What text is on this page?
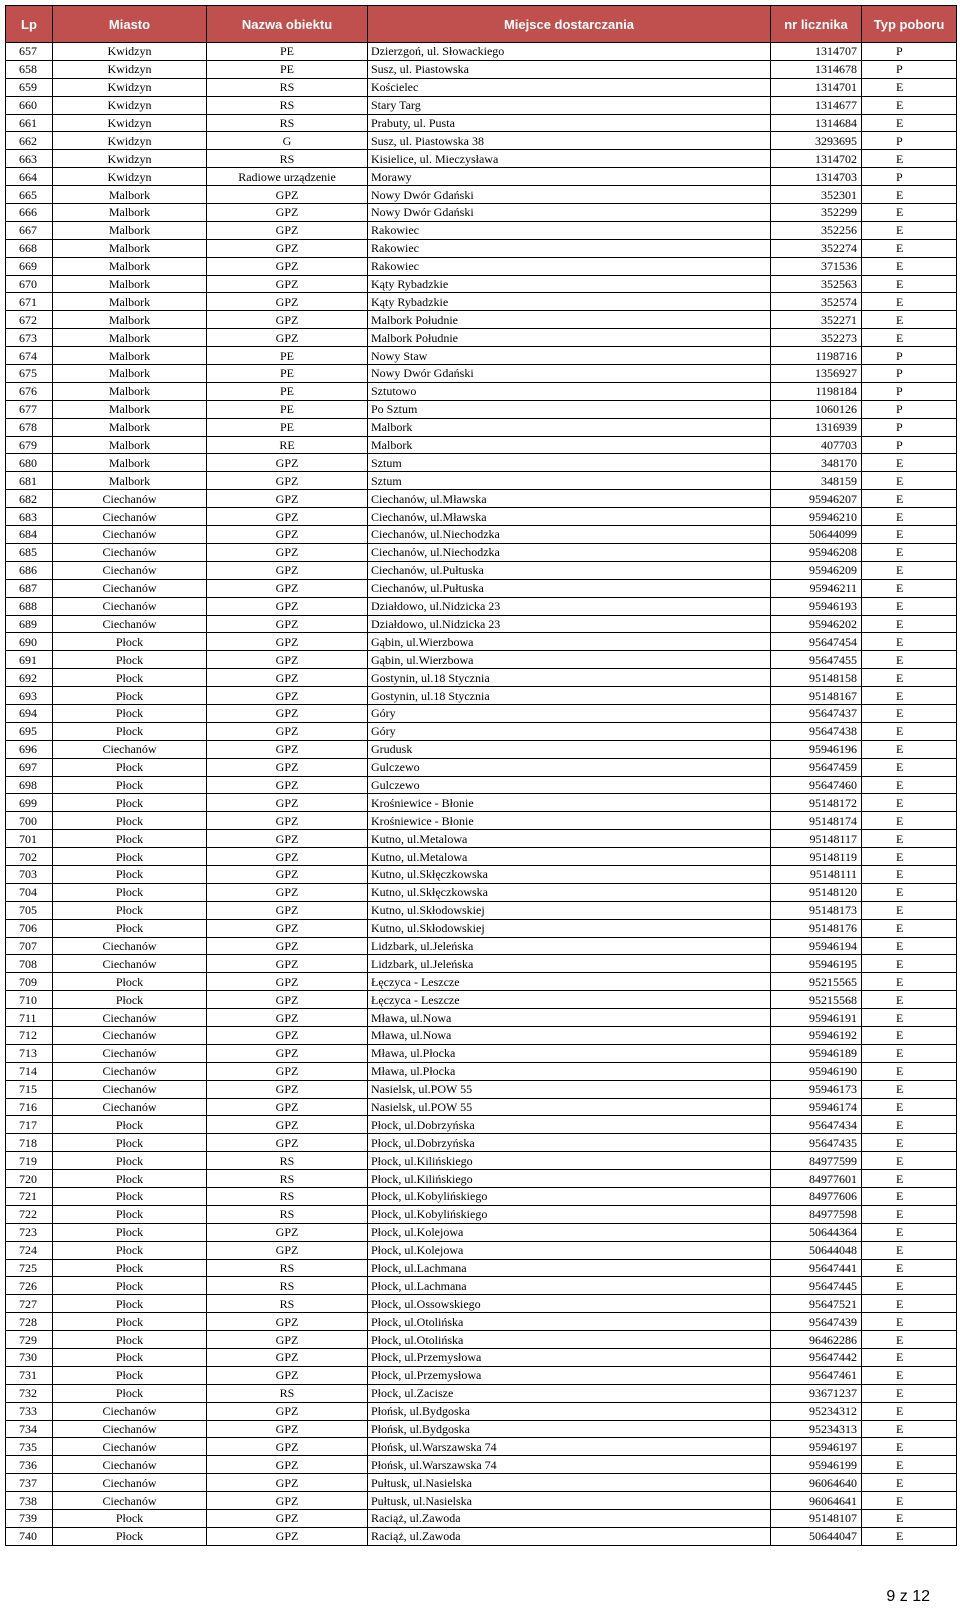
Lp	Miasto	Nazwa obiektu	Miejsce dostarczania	nr licznika	Typ poboru
657	Kwidzyn	PE	Dzierzgoń, ul. Słowackiego	1314707	P
658	Kwidzyn	PE	Susz, ul. Piastowska	1314678	P
659	Kwidzyn	RS	Kościelec	1314701	E
660	Kwidzyn	RS	Stary Targ	1314677	E
661	Kwidzyn	RS	Prabuty, ul. Pusta	1314684	E
662	Kwidzyn	G	Susz, ul. Piastowska 38	3293695	P
663	Kwidzyn	RS	Kisielice, ul. Mieczysława	1314702	E
664	Kwidzyn	Radiowe urządzenie	Morawy	1314703	P
665	Malbork	GPZ	Nowy Dwór Gdański	352301	E
666	Malbork	GPZ	Nowy Dwór Gdański	352299	E
667	Malbork	GPZ	Rakowiec	352256	E
668	Malbork	GPZ	Rakowiec	352274	E
669	Malbork	GPZ	Rakowiec	371536	E
670	Malbork	GPZ	Kąty Rybadzkie	352563	E
671	Malbork	GPZ	Kąty Rybadzkie	352574	E
672	Malbork	GPZ	Malbork Południe	352271	E
673	Malbork	GPZ	Malbork Południe	352273	E
674	Malbork	PE	Nowy Staw	1198716	P
675	Malbork	PE	Nowy Dwór Gdański	1356927	P
676	Malbork	PE	Sztutowo	1198184	P
677	Malbork	PE	Po Sztum	1060126	P
678	Malbork	PE	Malbork	1316939	P
679	Malbork	RE	Malbork	407703	P
680	Malbork	GPZ	Sztum	348170	E
681	Malbork	GPZ	Sztum	348159	E
682	Ciechanów	GPZ	Ciechanów, ul.Mławska	95946207	E
683	Ciechanów	GPZ	Ciechanów, ul.Mławska	95946210	E
684	Ciechanów	GPZ	Ciechanów, ul.Niechodzka	50644099	E
685	Ciechanów	GPZ	Ciechanów, ul.Niechodzka	95946208	E
686	Ciechanów	GPZ	Ciechanów, ul.Pułtuska	95946209	E
687	Ciechanów	GPZ	Ciechanów, ul.Pułtuska	95946211	E
688	Ciechanów	GPZ	Działdowo, ul.Nidzicka 23	95946193	E
689	Ciechanów	GPZ	Działdowo, ul.Nidzicka 23	95946202	E
690	Płock	GPZ	Gąbin, ul.Wierzbowa	95647454	E
691	Płock	GPZ	Gąbin, ul.Wierzbowa	95647455	E
692	Płock	GPZ	Gostynin, ul.18 Stycznia	95148158	E
693	Płock	GPZ	Gostynin, ul.18 Stycznia	95148167	E
694	Płock	GPZ	Góry	95647437	E
695	Płock	GPZ	Góry	95647438	E
696	Ciechanów	GPZ	Grudusk	95946196	E
697	Płock	GPZ	Gulczewo	95647459	E
698	Płock	GPZ	Gulczewo	95647460	E
699	Płock	GPZ	Krośniewice - Błonie	95148172	E
700	Płock	GPZ	Krośniewice - Błonie	95148174	E
701	Płock	GPZ	Kutno, ul.Metalowa	95148117	E
702	Płock	GPZ	Kutno, ul.Metalowa	95148119	E
703	Płock	GPZ	Kutno, ul.Skłęczkowska	95148111	E
704	Płock	GPZ	Kutno, ul.Skłęczkowska	95148120	E
705	Płock	GPZ	Kutno, ul.Skłodowskiej	95148173	E
706	Płock	GPZ	Kutno, ul.Skłodowskiej	95148176	E
707	Ciechanów	GPZ	Lidzbark, ul.Jeleńska	95946194	E
708	Ciechanów	GPZ	Lidzbark, ul.Jeleńska	95946195	E
709	Płock	GPZ	Łęczyca - Leszcze	95215565	E
710	Płock	GPZ	Łęczyca - Leszcze	95215568	E
711	Ciechanów	GPZ	Mława, ul.Nowa	95946191	E
712	Ciechanów	GPZ	Mława, ul.Nowa	95946192	E
713	Ciechanów	GPZ	Mława, ul.Płocka	95946189	E
714	Ciechanów	GPZ	Mława, ul.Płocka	95946190	E
715	Ciechanów	GPZ	Nasielsk, ul.POW 55	95946173	E
716	Ciechanów	GPZ	Nasielsk, ul.POW 55	95946174	E
717	Płock	GPZ	Płock, ul.Dobrzyńska	95647434	E
718	Płock	GPZ	Płock, ul.Dobrzyńska	95647435	E
719	Płock	RS	Płock, ul.Kilińskiego	84977599	E
720	Płock	RS	Płock, ul.Kilińskiego	84977601	E
721	Płock	RS	Płock, ul.Kobylińskiego	84977606	E
722	Płock	RS	Płock, ul.Kobylińskiego	84977598	E
723	Płock	GPZ	Płock, ul.Kolejowa	50644364	E
724	Płock	GPZ	Płock, ul.Kolejowa	50644048	E
725	Płock	RS	Płock, ul.Lachmana	95647441	E
726	Płock	RS	Płock, ul.Lachmana	95647445	E
727	Płock	RS	Płock, ul.Ossowskiego	95647521	E
728	Płock	GPZ	Płock, ul.Otolińska	95647439	E
729	Płock	GPZ	Płock, ul.Otolińska	96462286	E
730	Płock	GPZ	Płock, ul.Przemysłowa	95647442	E
731	Płock	GPZ	Płock, ul.Przemysłowa	95647461	E
732	Płock	RS	Płock, ul.Zacisze	93671237	E
733	Ciechanów	GPZ	Płońsk, ul.Bydgoska	95234312	E
734	Ciechanów	GPZ	Płońsk, ul.Bydgoska	95234313	E
735	Ciechanów	GPZ	Płońsk, ul.Warszawska 74	95946197	E
736	Ciechanów	GPZ	Płońsk, ul.Warszawska 74	95946199	E
737	Ciechanów	GPZ	Pułtusk, ul.Nasielska	96064640	E
738	Ciechanów	GPZ	Pułtusk, ul.Nasielska	96064641	E
739	Płock	GPZ	Raciąż, ul.Zawoda	95148107	E
740	Płock	GPZ	Raciąż, ul.Zawoda	50644047	E
9 z 12
